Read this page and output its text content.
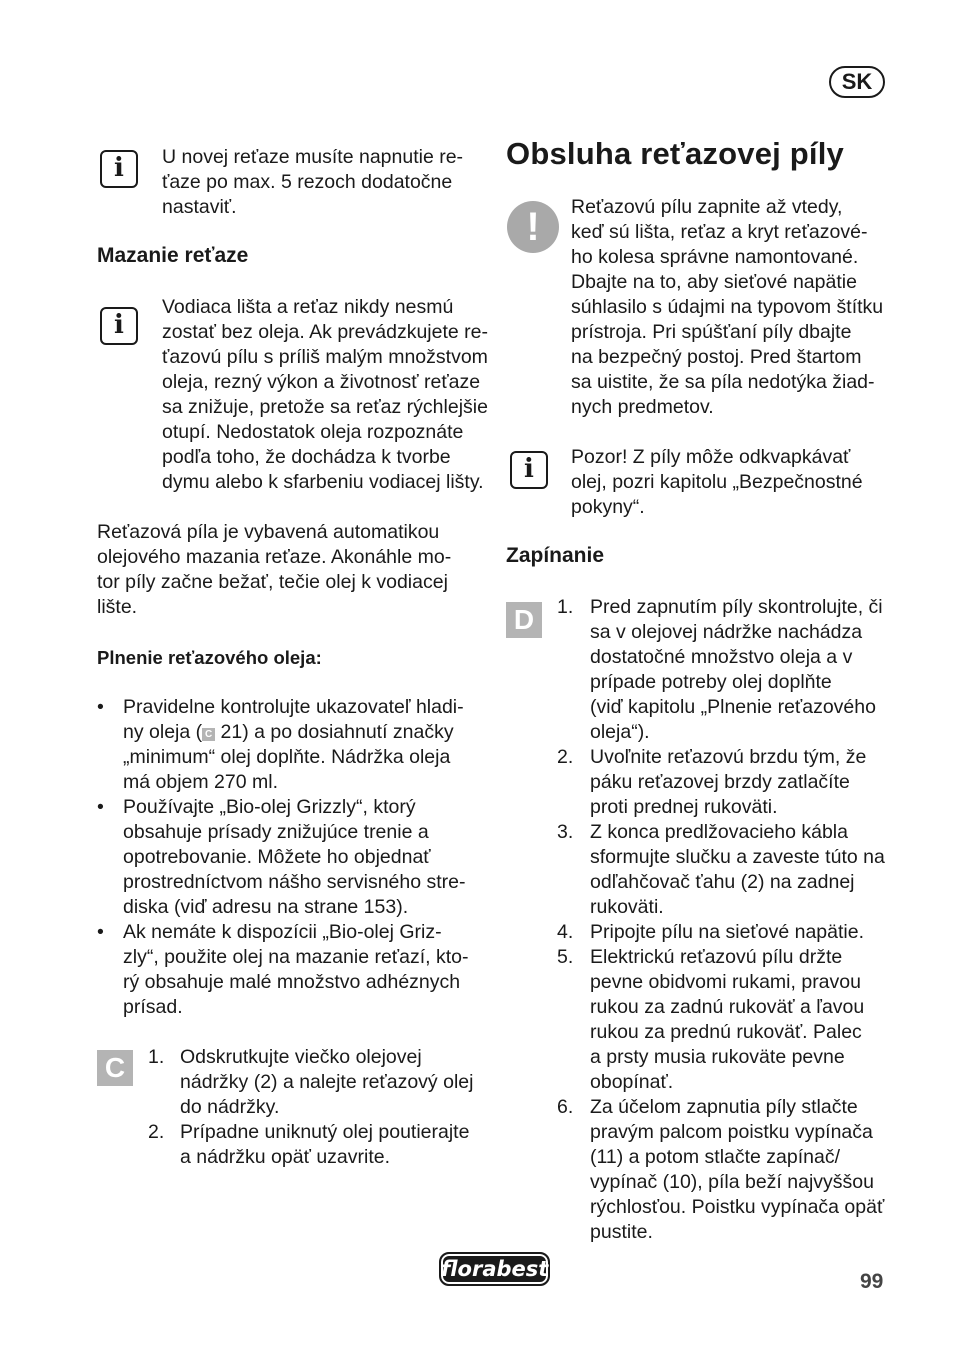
SK
i	U novej reťaze musíte napnutie re-
ťaze po max. 5 rezoch dodatočne
nastaviť.
Mazanie reťaze
i
Vodiaca lišta a reťaz nikdy nesmú
zostať bez oleja. Ak prevádzkujete re-
ťazovú pílu s príliš malým množstvom
oleja, rezný výkon a životnosť reťaze
sa znižuje, pretože sa reťaz rýchlejšie
otupí. Nedostatok oleja rozpoznáte
podľa toho, že dochádza k tvorbe
dymu alebo k sfarbeniu vodiacej lišty.
Reťazová píla je vybavená automatikou
olejového mazania reťaze. Akonáhle mo-
tor píly začne bežať, tečie olej k vodiacej
lište.
Plnenie reťazového oleja:
• Pravidelne kontrolujte ukazovateľ hladi-
ny oleja ( C 21) a po dosiahnutí značky
„minimum“ olej doplňte. Nádržka oleja
má objem 270 ml.
• Používajte „Bio-olej Grizzly“, ktorý
obsahuje prísady znižujúce trenie a
opotrebovanie. Môžete ho objednať
prostredníctvom nášho servisného stre-
diska (viď adresu na strane 153).
• Ak nemáte k dispozícii „Bio-olej Griz-
zly“, použite olej na mazanie reťazí, kto-
rý obsahuje malé množstvo adhéznych
prísad.
C	1. Odskrutkujte viečko olejovej
nádržky (2) a nalejte reťazový olej
do nádržky.
2. Prípadne uniknutý olej poutierajte
a nádržku opäť uzavrite.
Obsluha reťazovej píly
!	Reťazovú pílu zapnite až vtedy,
keď sú lišta, reťaz a kryt reťazové-
ho kolesa správne namontované.
Dbajte na to, aby sieťové napätie
súhlasilo s údajmi na typovom štítku
prístroja. Pri spúšťaní píly dbajte
na bezpečný postoj. Pred štartom
sa uistite, že sa píla nedotýka žiad-
nych predmetov.
i	Pozor! Z píly môže odkvapkávať
olej, pozri kapitolu „Bezpečnostné
pokyny“.
Zapínanie
D	1. Pred zapnutím píly skontrolujte, či
sa v olejovej nádržke nachádza
dostatočné množstvo oleja a v
prípade potreby olej doplňte
(viď kapitolu „Plnenie reťazového
oleja“).
2. Uvoľnite reťazovú brzdu tým, že
páku reťazovej brzdy zatlačíte
proti prednej rukoväti.
3. Z konca predlžovacieho kábla
sformujte slučku a zaveste túto na
odľahčovač ťahu (2) na zadnej
rukoväti.
4. Pripojte pílu na sieťové napätie.
5. Elektrickú reťazovú pílu držte
pevne obidvomi rukami, pravou
rukou za zadnú rukoväť a ľavou
rukou za prednú rukoväť. Palec
a prsty musia rukoväte pevne
obopínať.
6. Za účelom zapnutia píly stlačte
pravým palcom poistku vypínača
(11) a potom stlačte zapínač/
vypínač (10), píla beží najvyššou
rýchlosťou. Poistku vypínača opäť
pustite.
florabest
99
